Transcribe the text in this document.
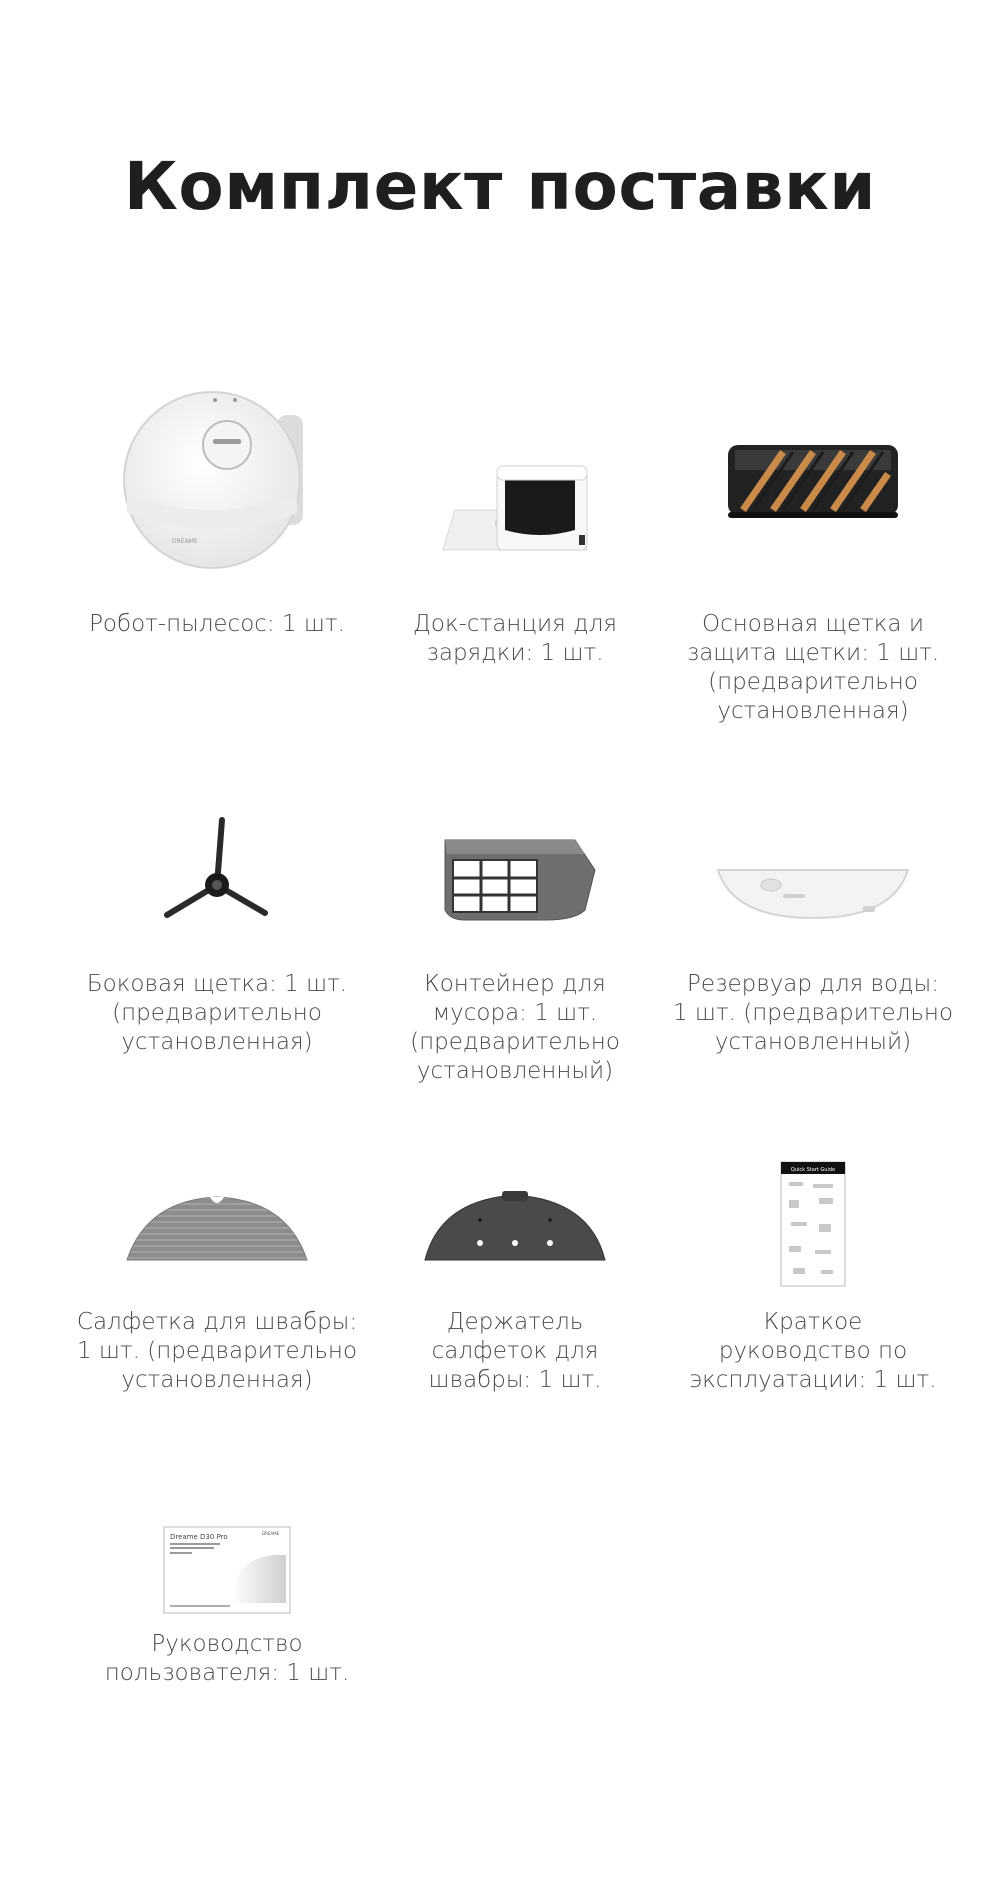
Комплект поставки
DREAME
Робот-пылесос: 1 шт.	Док-станция для
зарядки: 1 шт.
Основная щетка и
защита щетки: 1 шт.
(предварительно
установленная)
Боковая щетка: 1 шт.
(предварительно
установленная)
Контейнер для
мусора: 1 шт.
(предварительно
установленный)
Резервуар для воды:
1 шт. (предварительно
установленный)
Салфетка для швабры:
1 шт. (предварительно
установленная)
Держатель
салфеток для
швабры: 1 шт.
Quick Start Guide
Краткое
руководство по
эксплуатации: 1 шт.
Dreame D30 Pro	DREAME
Руководство
пользователя: 1 шт.
